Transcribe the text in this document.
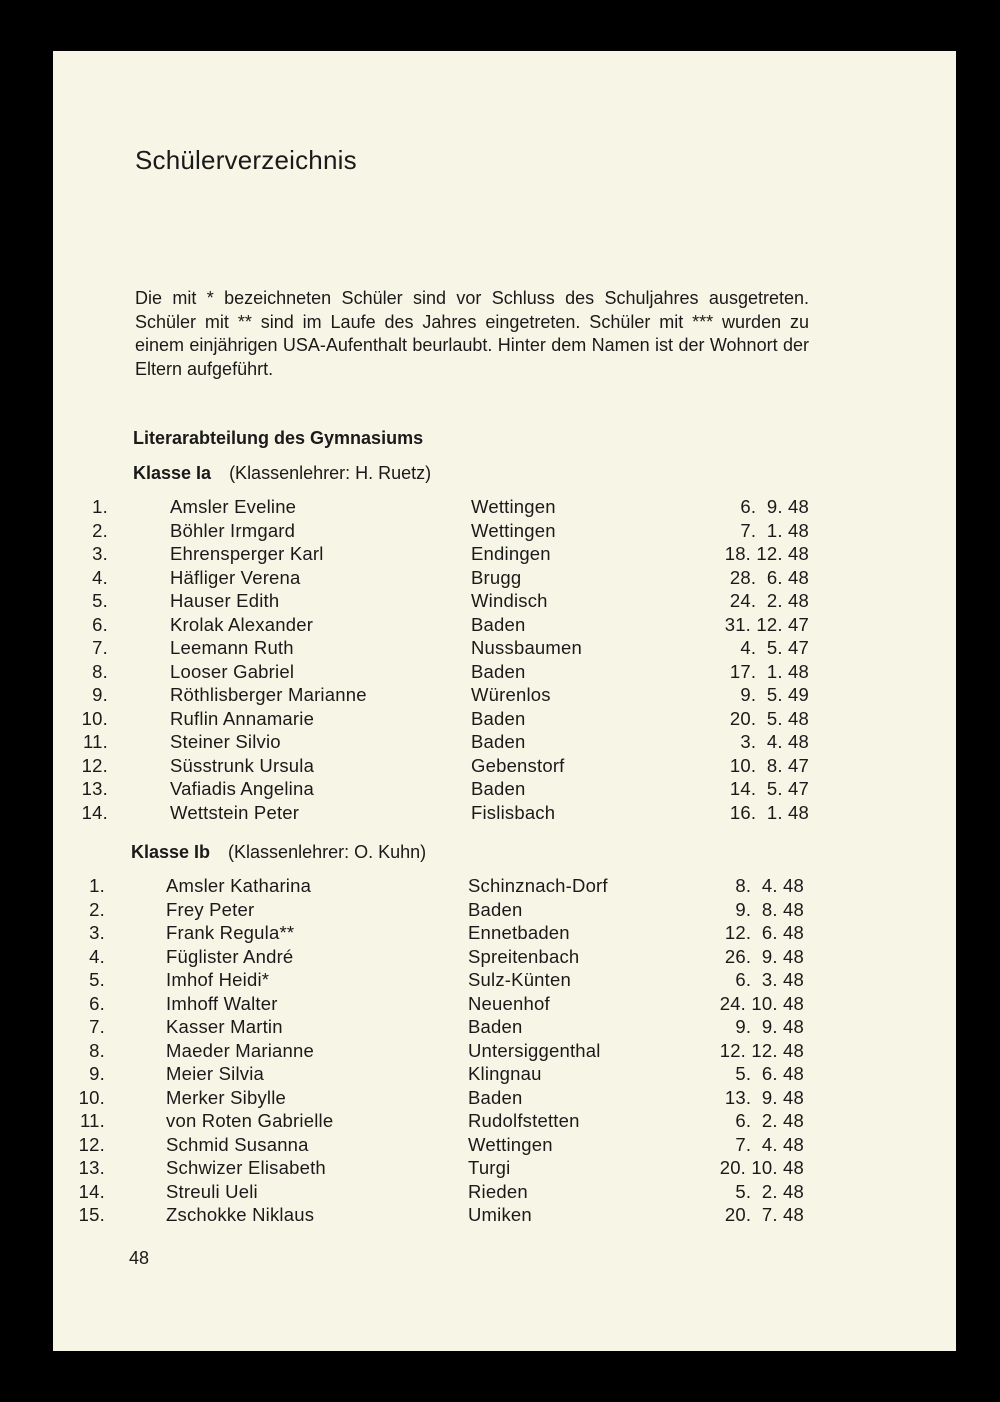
Schülerverzeichnis

Die mit * bezeichneten Schüler sind vor Schluss des Schuljahres ausgetreten. Schüler mit ** sind im Laufe des Jahres eingetreten. Schüler mit *** wurden zu einem einjährigen USA-Aufenthalt beurlaubt. Hinter dem Namen ist der Wohnort der Eltern aufgeführt.

Literarabteilung des Gymnasiums
Klasse Ia (Klassenlehrer: H. Ruetz)
1.	Amsler Eveline	Wettingen	6.  9. 48
2.	Böhler Irmgard	Wettingen	7.  1. 48
3.	Ehrensperger Karl	Endingen	18. 12. 48
4.	Häfliger Verena	Brugg	28.  6. 48
5.	Hauser Edith	Windisch	24.  2. 48
6.	Krolak Alexander	Baden	31. 12. 47
7.	Leemann Ruth	Nussbaumen	4.  5. 47
8.	Looser Gabriel	Baden	17.  1. 48
9.	Röthlisberger Marianne	Würenlos	9.  5. 49
10.	Ruflin Annamarie	Baden	20.  5. 48
11.	Steiner Silvio	Baden	3.  4. 48
12.	Süsstrunk Ursula	Gebenstorf	10.  8. 47
13.	Vafiadis Angelina	Baden	14.  5. 47
14.	Wettstein Peter	Fislisbach	16.  1. 48
Klasse Ib (Klassenlehrer: O. Kuhn)
1.	Amsler Katharina	Schinznach-Dorf	8.  4. 48
2.	Frey Peter	Baden	9.  8. 48
3.	Frank Regula**	Ennetbaden	12.  6. 48
4.	Füglister André	Spreitenbach	26.  9. 48
5.	Imhof Heidi*	Sulz-Künten	6.  3. 48
6.	Imhoff Walter	Neuenhof	24. 10. 48
7.	Kasser Martin	Baden	9.  9. 48
8.	Maeder Marianne	Untersiggenthal	12. 12. 48
9.	Meier Silvia	Klingnau	5.  6. 48
10.	Merker Sibylle	Baden	13.  9. 48
11.	von Roten Gabrielle	Rudolfstetten	6.  2. 48
12.	Schmid Susanna	Wettingen	7.  4. 48
13.	Schwizer Elisabeth	Turgi	20. 10. 48
14.	Streuli Ueli	Rieden	5.  2. 48
15.	Zschokke Niklaus	Umiken	20.  7. 48
48
